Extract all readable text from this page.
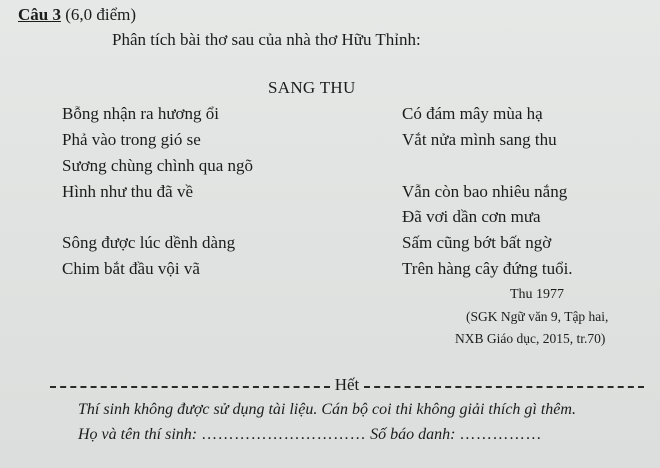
Câu 3 (6,0 điểm)
Phân tích bài thơ sau của nhà thơ Hữu Thỉnh:
SANG THU
Bỗng nhận ra hương ổi
Phả vào trong gió se
Sương chùng chình qua ngõ
Hình như thu đã về
Sông được lúc dềnh dàng
Chim bắt đầu vội vã
Có đám mây mùa hạ
Vắt nửa mình sang thu
Vẫn còn bao nhiêu nắng
Đã vơi dần cơn mưa
Sấm cũng bớt bất ngờ
Trên hàng cây đứng tuổi.
Thu 1977
(SGK Ngữ văn 9, Tập hai,
NXB Giáo dục, 2015, tr.70)
Hết
Thí sinh không được sử dụng tài liệu. Cán bộ coi thi không giải thích gì thêm.
Họ và tên thí sinh: ………………………… Số báo danh: ……………
